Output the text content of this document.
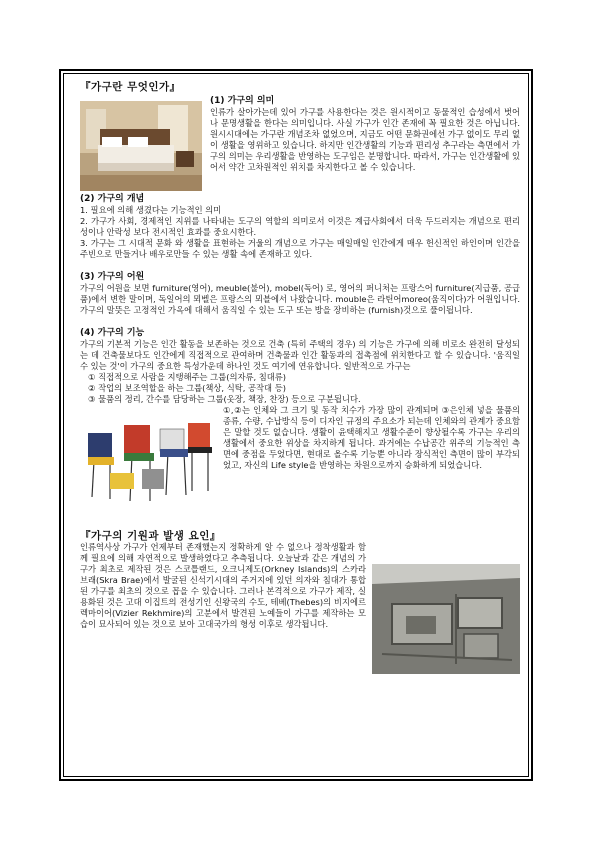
『가구란 무엇인가』
(1) 가구의 의미

인류가 살아가는데 있어 가구를 사용한다는 것은 원시적이고 동물적인 습성에서 벗어나 문명생활을 한다는 의미입니다. 사실 가구가 인간 존재에 꼭 필요한 것은 아닙니다. 원시시대에는 가구란 개념조차 없었으며, 지금도 어떤 문화권에선 가구 없이도 무리 없이 생활을 영위하고 있습니다. 하지만 인간생활의 기능과 편리성 추구라는 측면에서 가구의 의미는 우리생활을 반영하는 도구임은 분명합니다. 따라서, 가구는 인간생활에 있어서 약간 고차원적인 위치를 차지한다고 볼 수 있습니다.

(2) 가구의 개념

1. 필요에 의해 생겼다는 기능적인 의미

2. 가구가 사회, 경제적인 지위를 나타내는 도구의 역할의 의미로서 이것은 계급사회에서 더욱 두드러지는 개념으로 편리성이나 안락성 보다 전시적인 효과를 중요시한다.

3. 가구는 그 시대적 문화 와 생활을 표현하는 거울의 개념으로 가구는 매일매일 인간에게 매우 헌신적인 하인이며 인간을 주빈으로 만들거나 배우로만들 수 있는 생활 속에 존재하고 있다.

(3) 가구의 어원

가구의 어원을 보면 furniture(영어), meuble(불어), mobel(독어) 로, 영어의 퍼니처는 프랑스어 furniture(지급품, 공급품)에서 변한 말이며, 독일어의 뫼벨은 프랑스의 뫼블에서 나왔습니다. mouble은 라틴어moreo(움직이다)가 어원입니다. 가구의 말뜻은 고정적인 가옥에 대해서 움직일 수 있는 도구 또는 방을 장비하는 (furnish)것으로 풀이됩니다.

(4) 가구의 기능

가구의 기본적 기능은 인간 활동을 보존하는 것으로 건축 (특히 주택의 경우) 의 기능은 가구에 의해 비로소 완전히 달성되는 데 건축물보다도 인간에게 직접적으로 관여하며 건축물과 인간 활동과의 접촉점에 위치한다고 할 수 있습니다. '움직일 수 있는 것'이 가구의 중요한 특성가운데 하나인 것도 여기에 연유합니다. 일반적으로 가구는

① 직접적으로 사람을 지탱해주는 그룹(의자류, 침대류)
② 작업의 보조역할을 하는 그룹(책상, 식탁, 공작대 등)
③ 물품의 정리, 간수를 담당하는 그룹(옷장, 책장, 찬장) 등으로 구분됩니다.

①,②는 인체와 그 크기 및 동작 치수가 가장 많이 관계되며 ③은인체 넣을 물품의 종류, 수량, 수납방식 등이 디자인 규정의 주요소가 되는데 인체와의 관계가 중요함은 말할 것도 없습니다. 생활이 윤택해지고 생활수준이 향상될수록 가구는 우리의 생활에서 중요한 위상을 차지하게 됩니다. 과거에는 수납공간 위주의 기능적인 측면에 중점을 두었다면, 현대로 올수록 기능뿐 아니라 장식적인 측면이 많이 부각되었고, 자신의 Life style을 반영하는 차원으로까지 승화하게 되었습니다.

『가구의 기원과 발생 요인』

인류역사상 가구가 언제부터 존재했는지 정확하게 알 수 없으나 정착생활과 함께 필요에 의해 자연적으로 발생하였다고 추측됩니다. 오늘날과 같은 개념의 가구가 최초로 제작된 것은 스코틀랜드, 오크니제도(Orkney Islands)의 스카라 브래(Skra Brae)에서 발굴된 신석기시대의 주거지에 있던 의자와 침대가 통합된 가구를 최초의 것으로 꼽을 수 있습니다. 그러나 본격적으로 가구가 제작, 실용화된 것은 고대 이집트의 전성기인 신왕국의 수도, 테베(Thebes)의 비지에르 렉마이어(Vizier Rekhmire)의 고분에서 발견된 노예들이 가구를 제작하는 모습이 묘사되어 있는 것으로 보아 고대국가의 형성 이후로 생각됩니다.
